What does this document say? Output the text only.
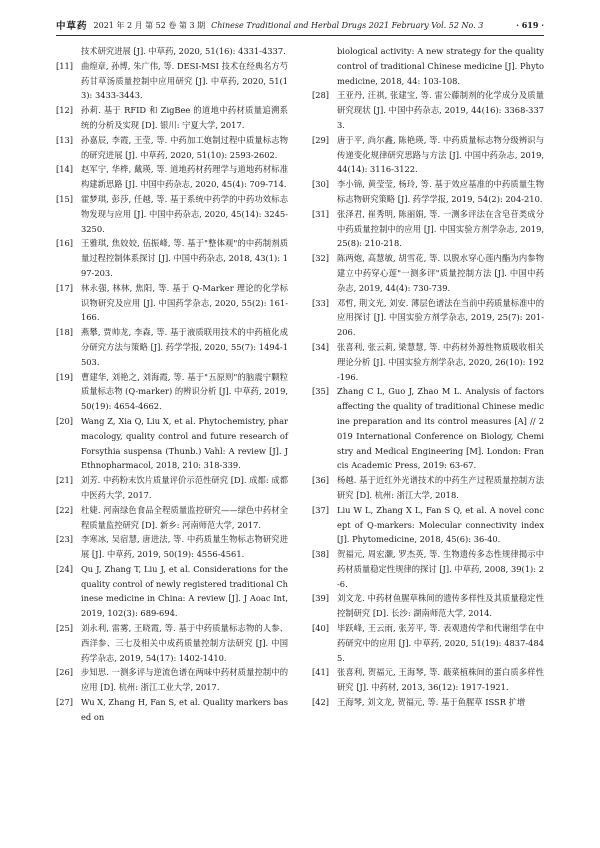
中草药 2021 年 2 月 第 52 卷 第 3 期 Chinese Traditional and Herbal Drugs 2021 February Vol. 52 No. 3	· 619 ·
技术研究进展 [J]. 中草药, 2020, 51(16): 4331-4337.
[11] 曲煌章, 孙博, 朱广伟, 等. DESI-MSI 技术在经典名方芍药甘草汤质量控制中应用研究 [J]. 中草药, 2020, 51(13): 3433-3443.
[12] 孙莉. 基于 RFID 和 ZigBee 的道地中药材质量追溯系统的分析及实现 [D]. 银川: 宁夏大学, 2017.
[13] 孙嘉辰, 李霞, 王莹, 等. 中药加工炮制过程中质量标志物的研究进展 [J]. 中草药, 2020, 51(10): 2593-2602.
[14] 赵军宁, 华桦, 戴瑛, 等. 道地药材药理学与道地药材标准构建新思路 [J]. 中国中药杂志, 2020, 45(4): 709-714.
[15] 霍梦琪, 彭莎, 任越, 等. 基于系统中药学的中药功效标志物发现与应用 [J]. 中国中药杂志, 2020, 45(14): 3245-3250.
[16] 王雅琪, 焦姣姣, 伍振峰, 等. 基于"整体观"的中药制剂质量过程控制体系探讨 [J]. 中国中药杂志, 2018, 43(1): 197-203.
[17] 林永强, 林林, 焦阳, 等. 基于 Q-Marker 理论的化学标识物研究及应用 [J]. 中国药学杂志, 2020, 55(2): 161-166.
[18] 燕攀, 贾帅龙, 李森, 等. 基于液质联用技术的中药植化成分研究方法与策略 [J]. 药学学报, 2020, 55(7): 1494-1503.
[19] 曹建华, 刘艳之, 刘海霞, 等. 基于"五原则"的脑震宁颗粒质量标志物 (Q-marker) 的辨识分析 [J]. 中草药, 2019, 50(19): 4654-4662.
[20] Wang Z, Xia Q, Liu X, et al. Phytochemistry, pharmacology, quality control and future research of Forsythia suspensa (Thunb.) Vahl: A review [J]. J Ethnopharmacol, 2018, 210: 318-339.
[21] 刘芳. 中药粉末饮片质量评价示范性研究 [D]. 成都: 成都中医药大学, 2017.
[22] 杜婕. 河南绿色食品全程质量监控研究——绿色中药材全程质量监控研究 [D]. 新乡: 河南师范大学, 2017.
[23] 李寒冰, 吴宿慧, 唐进法, 等. 中药质量生物标志物研究进展 [J]. 中草药, 2019, 50(19): 4556-4561.
[24] Qu J, Zhang T, Liu J, et al. Considerations for the quality control of newly registered traditional Chinese medicine in China: A review [J]. J Aoac Int, 2019, 102(3): 689-694.
[25] 刘永利, 雷雾, 王晓霞, 等. 基于中药质量标志物的人参、西洋参、三七及相关中成药质量控制方法研究 [J]. 中国药学杂志, 2019, 54(17): 1402-1410.
[26] 步知思. 一测多评与逆流色谱在两味中药材质量控制中的应用 [D]. 杭州: 浙江工业大学, 2017.
[27] Wu X, Zhang H, Fan S, et al. Quality markers based on
biological activity: A new strategy for the quality control of traditional Chinese medicine [J]. Phytomedicine, 2018, 44: 103-108.
[28] 王亚丹, 汪祺, 张建宝, 等. 雷公藤制剂的化学成分及质量研究现状 [J]. 中国中药杂志, 2019, 44(16): 3368-3373.
[29] 唐于平, 尚尔鑫, 陈艳瑛, 等. 中药质量标志物分级辨识与传递变化规律研究思路与方法 [J]. 中国中药杂志, 2019, 44(14): 3116-3122.
[30] 李小锦, 黄莹莹, 杨玲, 等. 基于效应基准的中药质量生物标志物研究策略 [J]. 药学学报, 2019, 54(2): 204-210.
[31] 张泽君, 崔秀明, 陈丽娟, 等. 一测多评法在含皂苷类成分中药质量控制中的应用 [J]. 中国实验方剂学杂志, 2019, 25(8): 210-218.
[32] 陈两炮, 高慧敏, 胡雪花, 等. 以脱水穿心莲内酯为内参物建立中药穿心莲"一测多评"质量控制方法 [J]. 中国中药杂志, 2019, 44(4): 730-739.
[33] 邓哲, 荆文光, 刘安. 薄层色谱法在当前中药质量标准中的应用探讨 [J]. 中国实验方剂学杂志, 2019, 25(7): 201-206.
[34] 张喜利, 张云莉, 梁慧慧, 等. 中药材外源性物质吸收相关理论分析 [J]. 中国实验方剂学杂志, 2020, 26(10): 192-196.
[35] Zhang C L, Guo J, Zhao M L. Analysis of factors affecting the quality of traditional Chinese medicine preparation and its control measures [A] // 2019 International Conference on Biology, Chemistry and Medical Engineering [M]. London: Francis Academic Press, 2019: 63-67.
[36] 杨越. 基于近红外光谱技术的中药生产过程质量控制方法研究 [D]. 杭州: 浙江大学, 2018.
[37] Liu W L, Zhang X L, Fan S Q, et al. A novel concept of Q-markers: Molecular connectivity index [J]. Phytomedicine, 2018, 45(6): 36-40.
[38] 贺福元, 周宏灏, 罗杰英, 等. 生物遗传多态性规律揭示中药材质量稳定性规律的探讨 [J]. 中草药, 2008, 39(1): 2-6.
[39] 刘文龙. 中药材鱼腥草株间的遗传多样性及其质量稳定性控制研究 [D]. 长沙: 湖南师范大学, 2014.
[40] 毕跃峰, 王云雨, 张芳平, 等. 表观遗传学和代谢组学在中药研究中的应用 [J]. 中草药, 2020, 51(19): 4837-4845.
[41] 张喜利, 贺福元, 王海琴, 等. 蕺菜植株间的蛋白质多样性研究 [J]. 中药材, 2013, 36(12): 1917-1921.
[42] 王海琴, 刘文龙, 贺福元, 等. 基于鱼腥草 ISSR 扩增
